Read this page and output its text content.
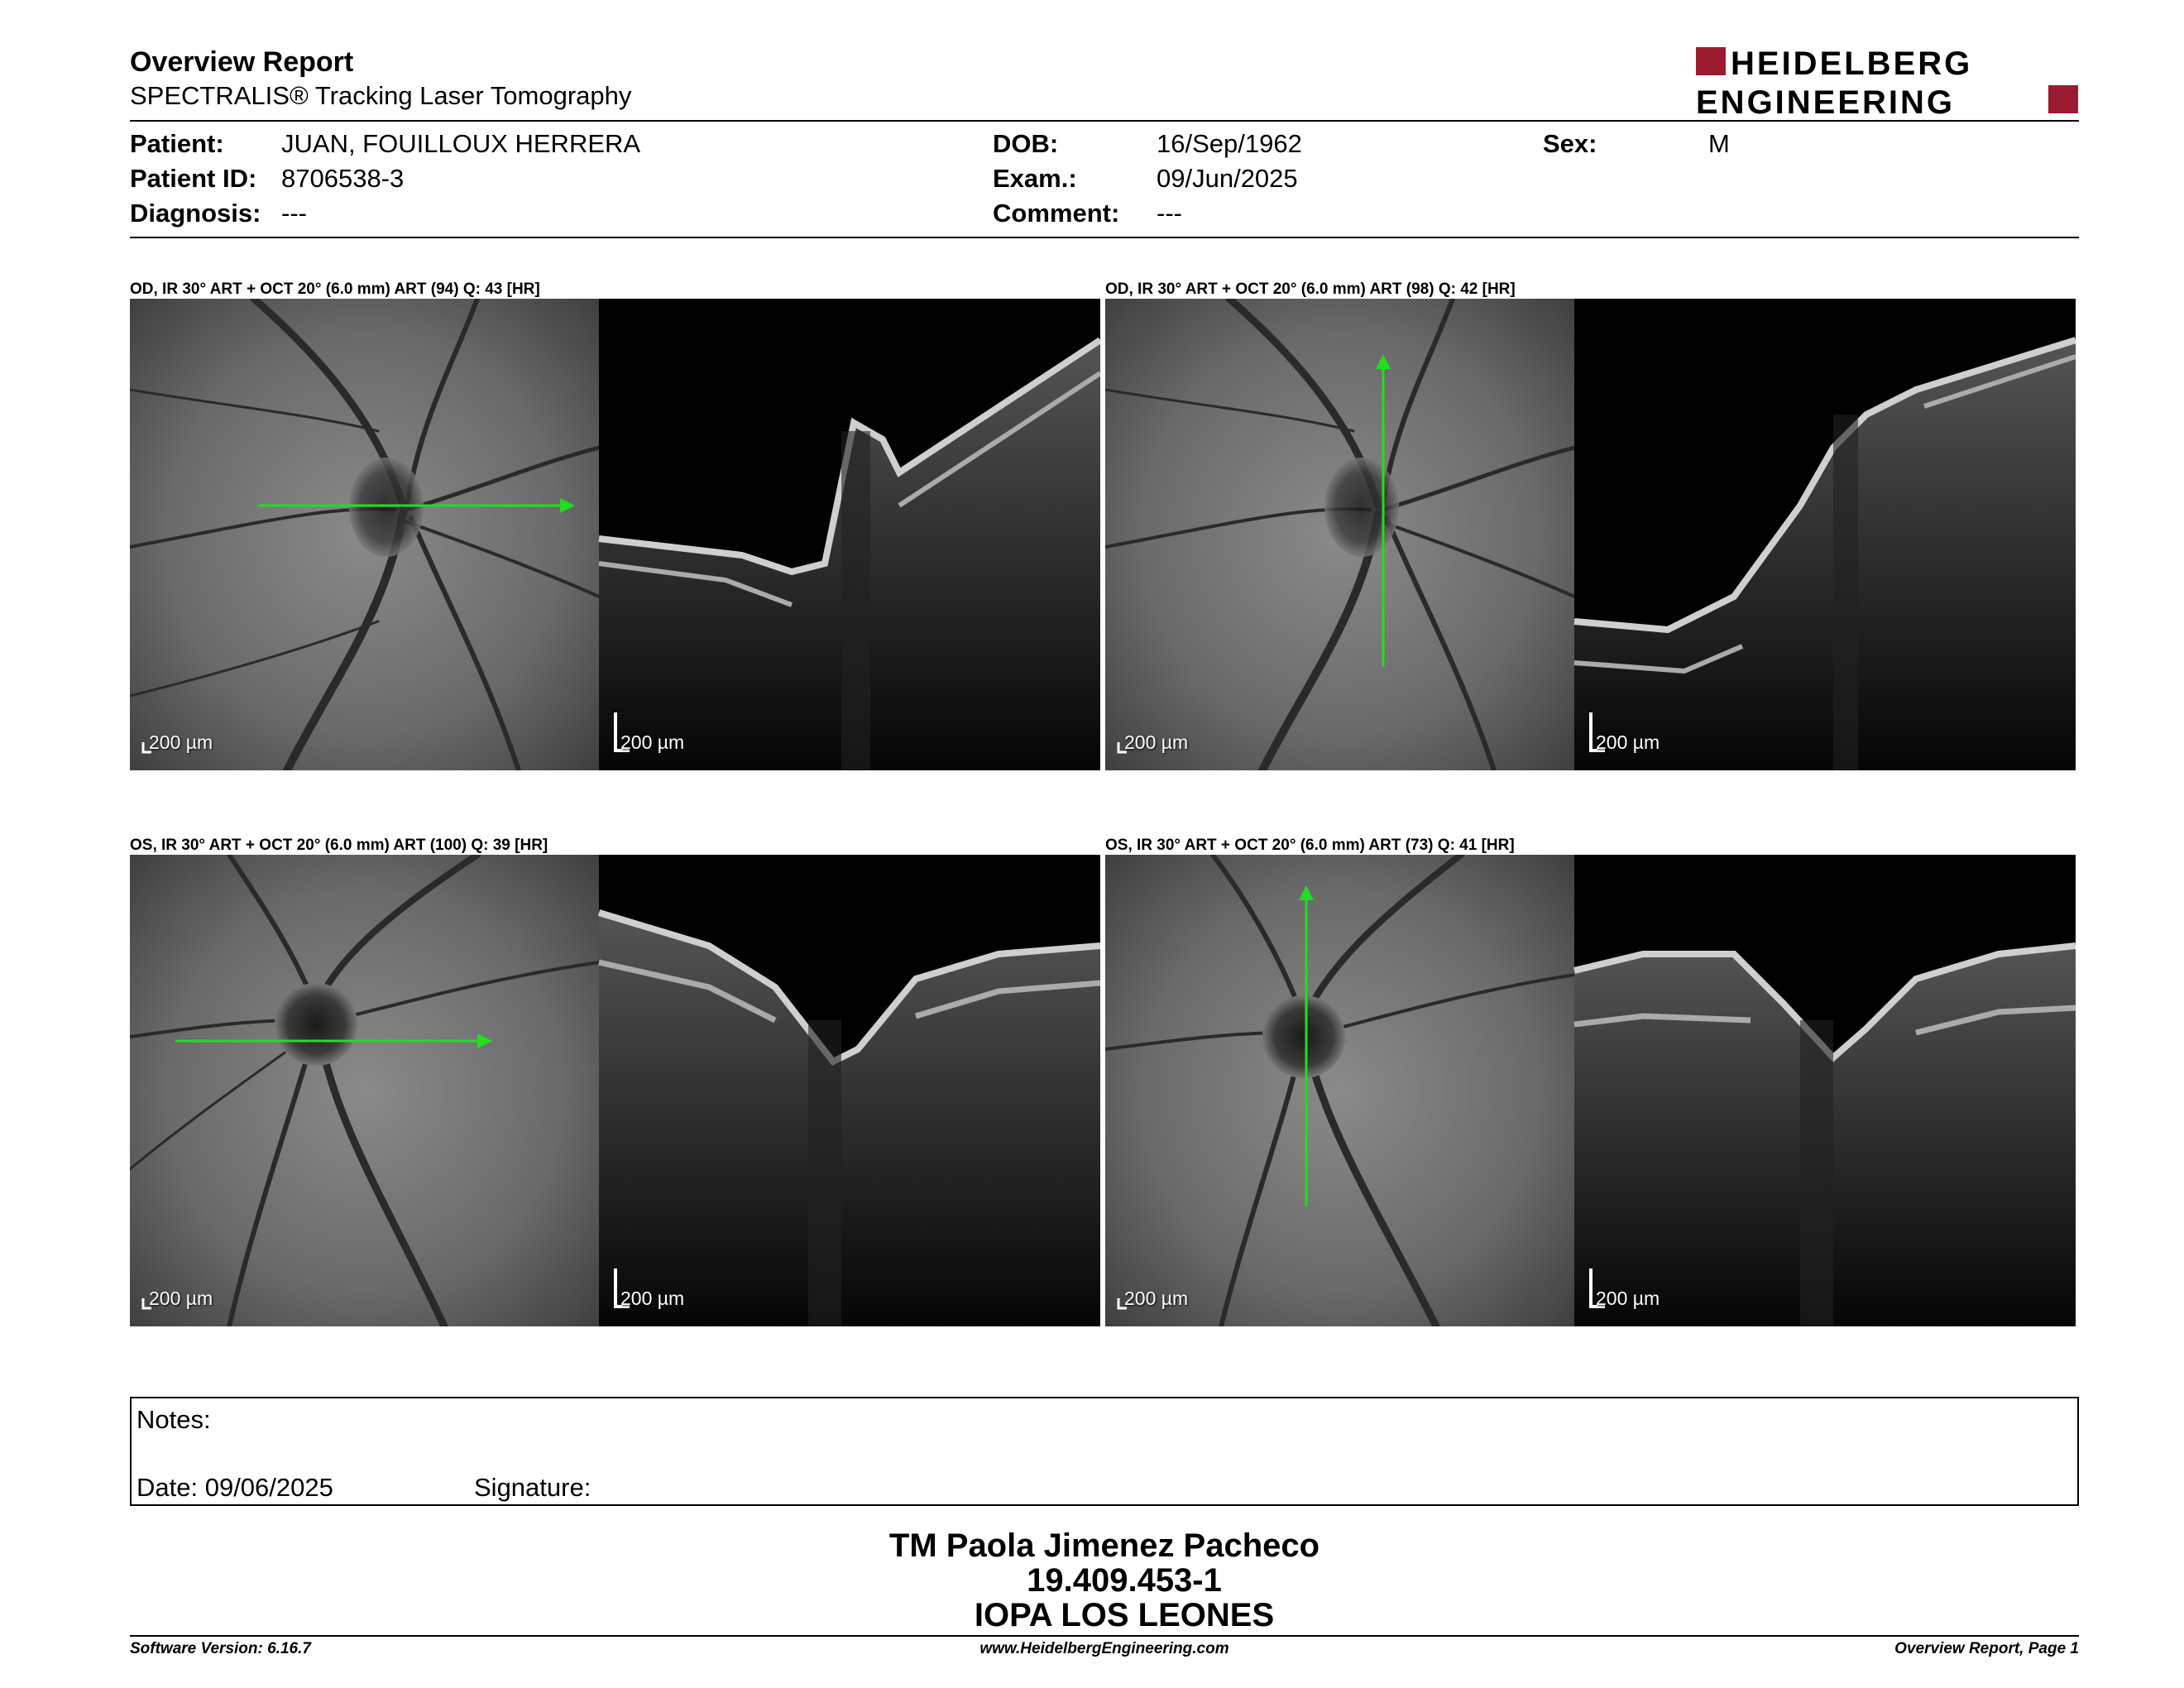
Overview Report
SPECTRALIS® Tracking Laser Tomography
HEIDELBERG
ENGINEERING
Patient: JUAN, FOUILLOUX HERRERA
Patient ID: 8706538-3
Diagnosis: ---
DOB:	16/Sep/1962
Exam.:	09/Jun/2025
Comment: ---
Sex:	M
OD, IR 30° ART + OCT 20° (6.0 mm) ART (94) Q: 43 [HR]
200 µm	200 µm
OD, IR 30° ART + OCT 20° (6.0 mm) ART (98) Q: 42 [HR]
200 µm	200 µm
OS, IR 30° ART + OCT 20° (6.0 mm) ART (100) Q: 39 [HR]
200 µm	200 µm
OS, IR 30° ART + OCT 20° (6.0 mm) ART (73) Q: 41 [HR]
200 µm	200 µm
Notes:
Date: 09/06/2025	Signature:
TM Paola Jimenez Pacheco
19.409.453-1
IOPA LOS LEONES
Software Version: 6.16.7	www.HeidelbergEngineering.com	Overview Report, Page 1
